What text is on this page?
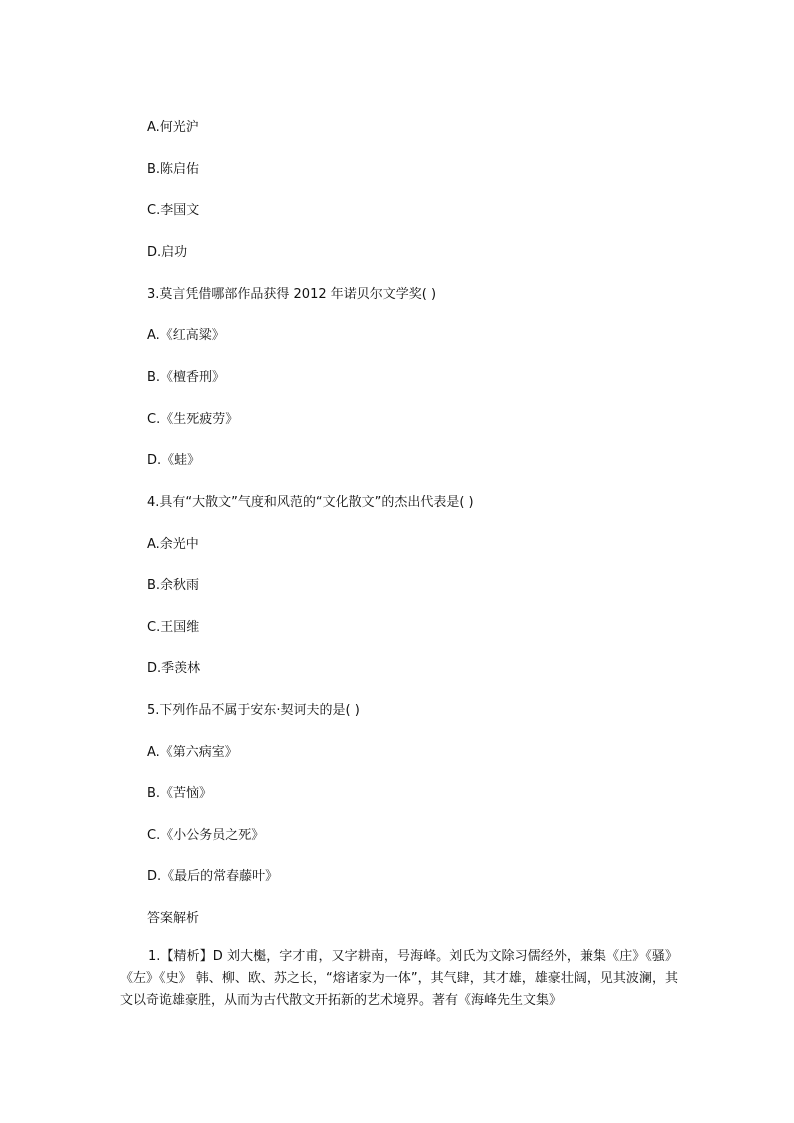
A.何光沪
B.陈启佑
C.李国文
D.启功
3.莫言凭借哪部作品获得 2012 年诺贝尔文学奖( )
A.《红高粱》
B.《檀香刑》
C.《生死疲劳》
D.《蛙》
4.具有“大散文”气度和风范的“文化散文”的杰出代表是( )
A.余光中
B.余秋雨
C.王国维
D.季羡林
5.下列作品不属于安东·契诃夫的是( )
A.《第六病室》
B.《苦恼》
C.《小公务员之死》
D.《最后的常春藤叶》
答案解析
1.【精析】D 刘大櫆，字才甫，又字耕南，号海峰。刘氏为文除习儒经外，兼集《庄》《骚》《左》《史》 韩、柳、欧、苏之长，“熔诸家为一体”，其气肆，其才雄，雄豪壮阔，见其波澜，其文以奇诡雄豪胜，从而为古代散文开拓新的艺术境界。著有《海峰先生文集》
